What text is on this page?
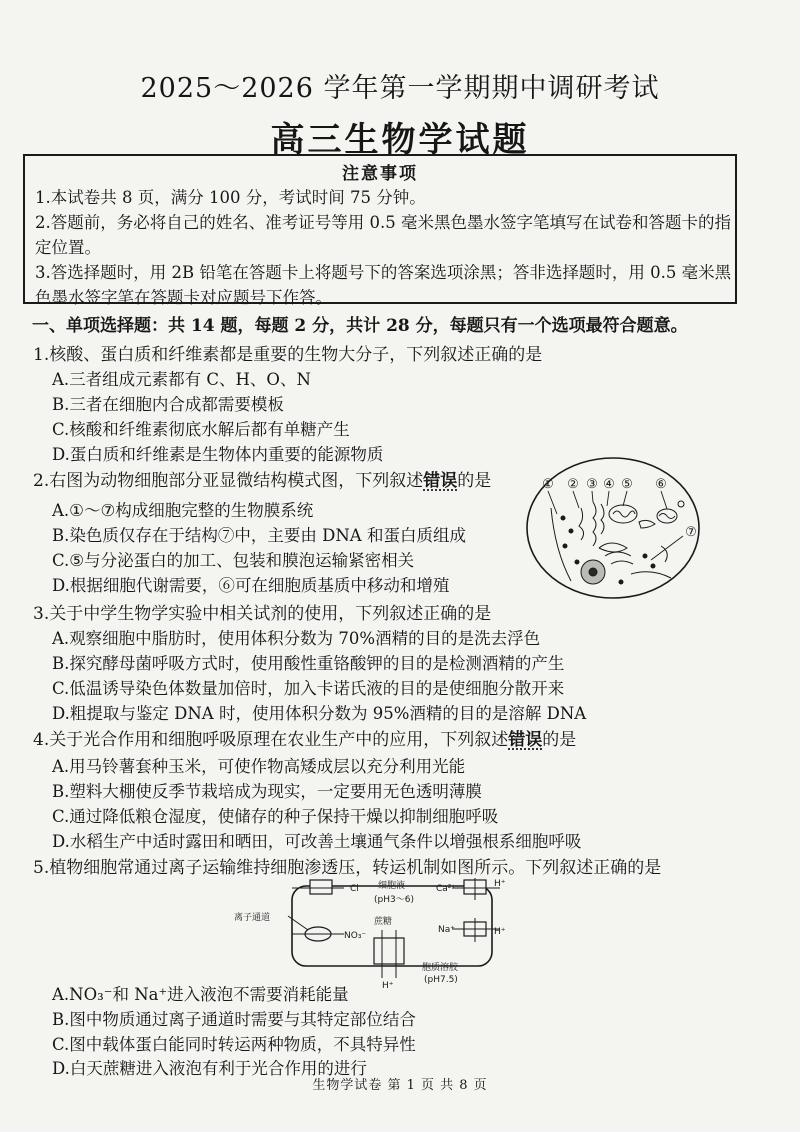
2025～2026 学年第一学期期中调研考试
高三生物学试题
注意事项
1.本试卷共 8 页，满分 100 分，考试时间 75 分钟。
2.答题前，务必将自己的姓名、准考证号等用 0.5 毫米黑色墨水签字笔填写在试卷和答题卡的指
定位置。
3.答选择题时，用 2B 铅笔在答题卡上将题号下的答案选项涂黑；答非选择题时，用 0.5 毫米黑
色墨水签字笔在答题卡对应题号下作答。
一、单项选择题：共 14 题，每题 2 分，共计 28 分，每题只有一个选项最符合题意。
1.核酸、蛋白质和纤维素都是重要的生物大分子，下列叙述正确的是
A.三者组成元素都有 C、H、O、N
B.三者在细胞内合成都需要模板
C.核酸和纤维素彻底水解后都有单糖产生
D.蛋白质和纤维素是生物体内重要的能源物质
2.右图为动物细胞部分亚显微结构模式图，下列叙述错误的是
A.①～⑦构成细胞完整的生物膜系统
B.染色质仅存在于结构⑦中，主要由 DNA 和蛋白质组成
C.⑤与分泌蛋白的加工、包装和膜泡运输紧密相关
D.根据细胞代谢需要，⑥可在细胞质基质中移动和增殖
① ② ③ ④ ⑤ ⑥
⑦
3.关于中学生物学实验中相关试剂的使用，下列叙述正确的是
A.观察细胞中脂肪时，使用体积分数为 70%酒精的目的是洗去浮色
B.探究酵母菌呼吸方式时，使用酸性重铬酸钾的目的是检测酒精的产生
C.低温诱导染色体数量加倍时，加入卡诺氏液的目的是使细胞分散开来
D.粗提取与鉴定 DNA 时，使用体积分数为 95%酒精的目的是溶解 DNA
4.关于光合作用和细胞呼吸原理在农业生产中的应用，下列叙述错误的是
A.用马铃薯套种玉米，可使作物高矮成层以充分利用光能
B.塑料大棚使反季节栽培成为现实，一定要用无色透明薄膜
C.通过降低粮仓湿度，使储存的种子保持干燥以抑制细胞呼吸
D.水稻生产中适时露田和晒田，可改善土壤通气条件以增强根系细胞呼吸
5.植物细胞常通过离子运输维持细胞渗透压，转运机制如图所示。下列叙述正确的是
Cl⁻
NO₃⁻
离子通道
细胞液
(pH3～6)
Ca²⁺
Na⁺
H⁺
H⁺
蔗糖
H⁺
胞质溶胶
(pH7.5)
A.NO₃⁻和 Na⁺进入液泡不需要消耗能量
B.图中物质通过离子通道时需要与其特定部位结合
C.图中载体蛋白能同时转运两种物质，不具特异性
D.白天蔗糖进入液泡有利于光合作用的进行
生物学试卷 第 1 页 共 8 页
